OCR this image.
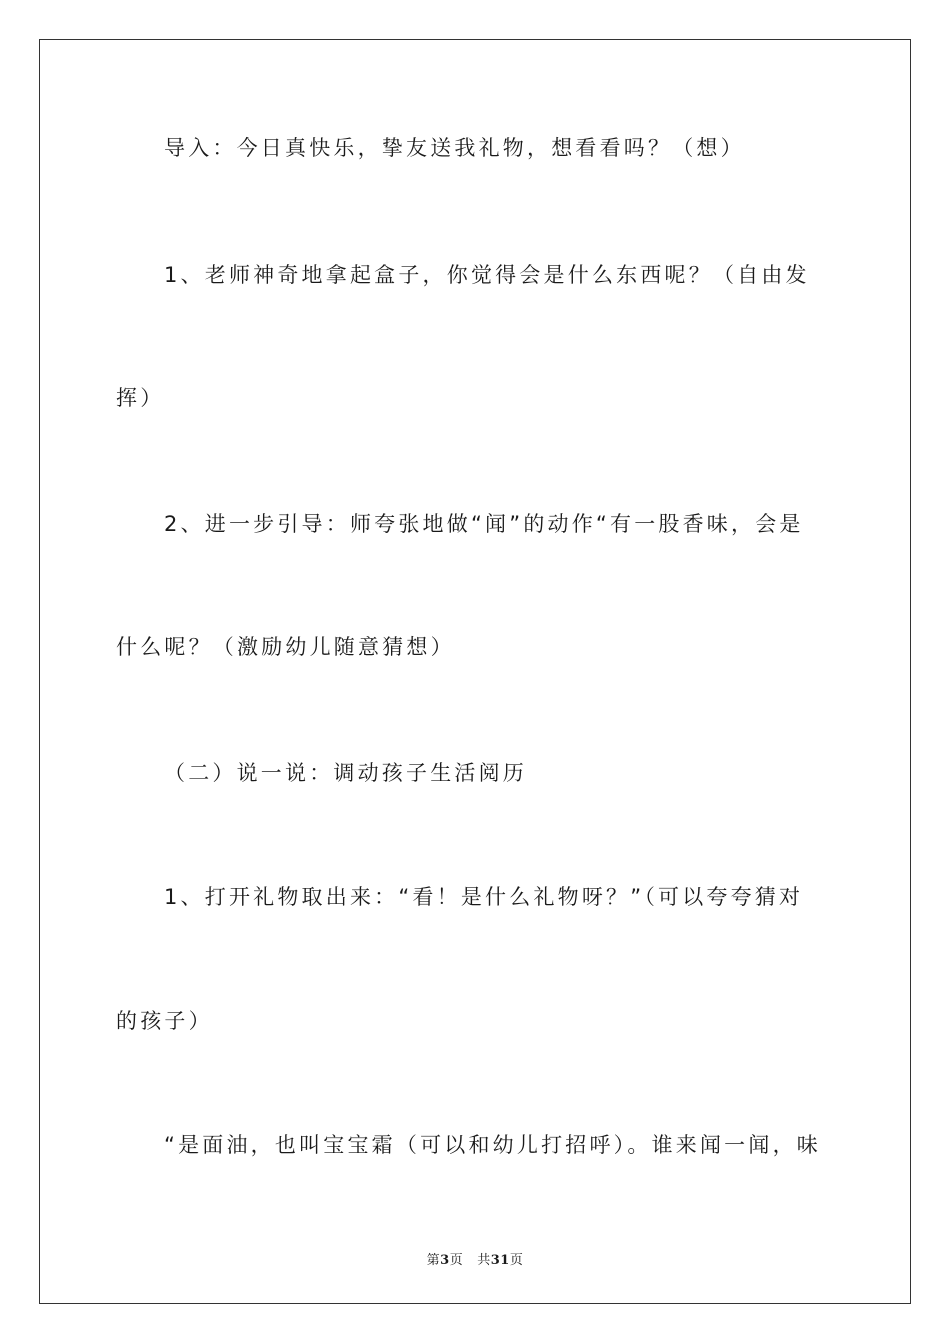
导入：今日真快乐，挚友送我礼物，想看看吗？（想）

1、老师神奇地拿起盒子，你觉得会是什么东西呢？（自由发

挥）

2、进一步引导：师夸张地做“闻”的动作“有一股香味，会是

什么呢？（激励幼儿随意猜想）

（二）说一说：调动孩子生活阅历

1、打开礼物取出来：“看！是什么礼物呀？”（可以夸夸猜对

的孩子）

“是面油，也叫宝宝霜（可以和幼儿打招呼）。谁来闻一闻，味

第3页 共31页
